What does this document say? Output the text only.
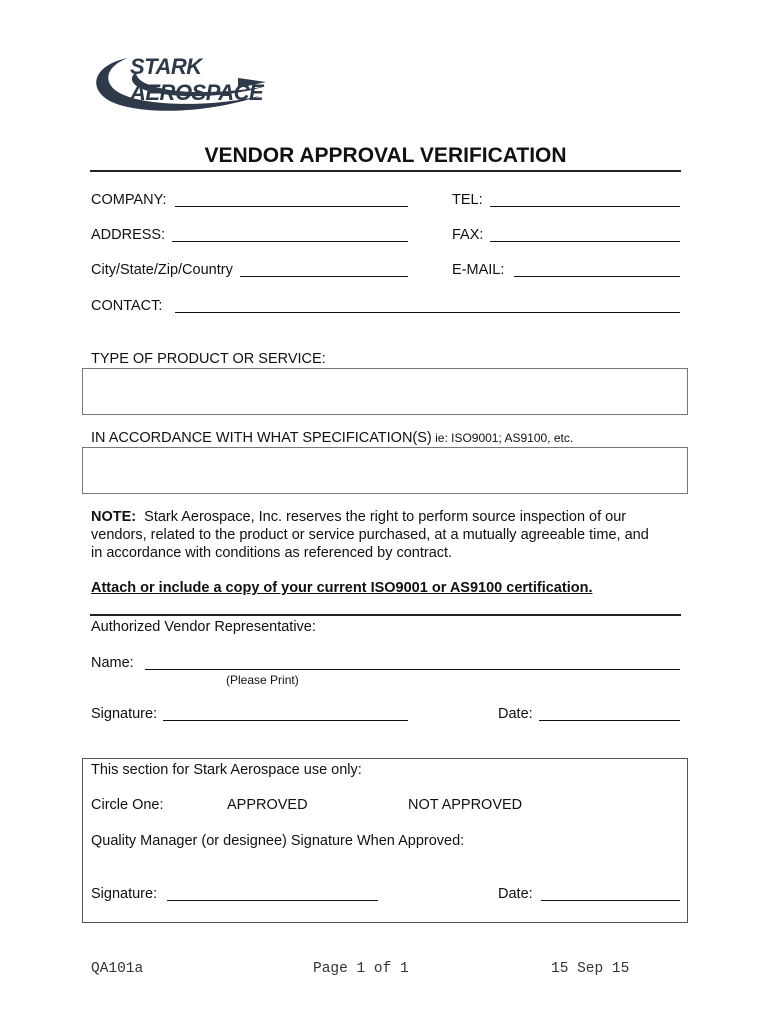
STARK AEROSPACE
VENDOR APPROVAL VERIFICATION
COMPANY:	TEL:
ADDRESS:	FAX:
City/State/Zip/Country	E-MAIL:
CONTACT:
TYPE OF PRODUCT OR SERVICE:
IN ACCORDANCE WITH WHAT SPECIFICATION(S) ie: ISO9001; AS9100, etc.
NOTE: Stark Aerospace, Inc. reserves the right to perform source inspection of our
vendors, related to the product or service purchased, at a mutually agreeable time, and
in accordance with conditions as referenced by contract.
Attach or include a copy of your current ISO9001 or AS9100 certification.
Authorized Vendor Representative:
Name:
(Please Print)
Signature:	Date:
This section for Stark Aerospace use only:
Circle One:	APPROVED	NOT APPROVED
Quality Manager (or designee) Signature When Approved:
Signature:	Date:
QA101a	Page 1 of 1	15 Sep 15
